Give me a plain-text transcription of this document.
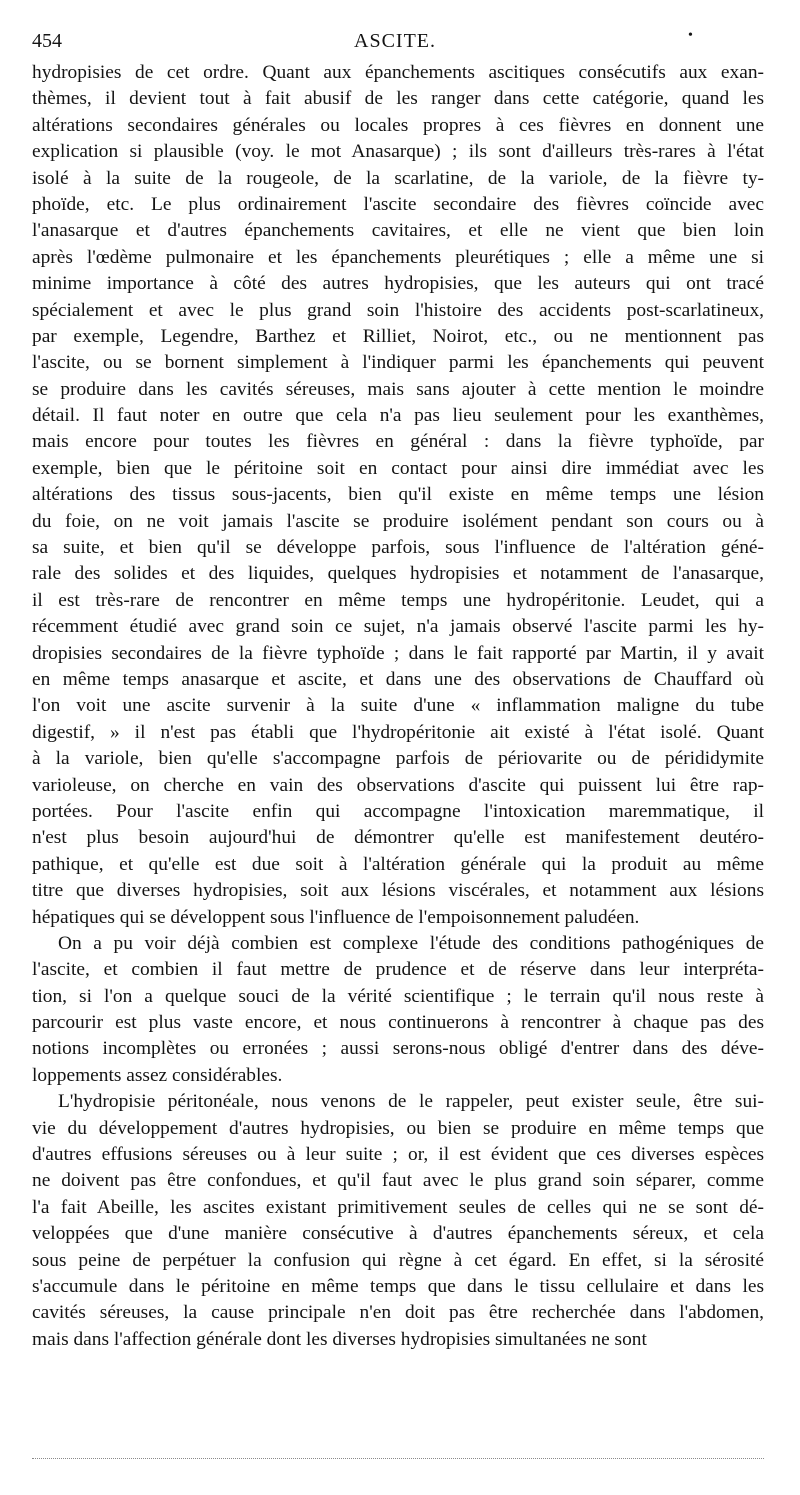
454	ASCITE.	•
hydropisies de cet ordre. Quant aux épanchements ascitiques consécutifs aux exan-
thèmes, il devient tout à fait abusif de les ranger dans cette catégorie, quand les
altérations secondaires générales ou locales propres à ces fièvres en donnent une
explication si plausible (voy. le mot Anasarque) ; ils sont d'ailleurs très-rares à l'état
isolé à la suite de la rougeole, de la scarlatine, de la variole, de la fièvre ty-
phoïde, etc. Le plus ordinairement l'ascite secondaire des fièvres coïncide avec
l'anasarque et d'autres épanchements cavitaires, et elle ne vient que bien loin
après l'œdème pulmonaire et les épanchements pleurétiques ; elle a même une si
minime importance à côté des autres hydropisies, que les auteurs qui ont tracé
spécialement et avec le plus grand soin l'histoire des accidents post-scarlatineux,
par exemple, Legendre, Barthez et Rilliet, Noirot, etc., ou ne mentionnent pas
l'ascite, ou se bornent simplement à l'indiquer parmi les épanchements qui peuvent
se produire dans les cavités séreuses, mais sans ajouter à cette mention le moindre
détail. Il faut noter en outre que cela n'a pas lieu seulement pour les exanthèmes,
mais encore pour toutes les fièvres en général : dans la fièvre typhoïde, par
exemple, bien que le péritoine soit en contact pour ainsi dire immédiat avec les
altérations des tissus sous-jacents, bien qu'il existe en même temps une lésion
du foie, on ne voit jamais l'ascite se produire isolément pendant son cours ou à
sa suite, et bien qu'il se développe parfois, sous l'influence de l'altération géné-
rale des solides et des liquides, quelques hydropisies et notamment de l'anasarque,
il est très-rare de rencontrer en même temps une hydropéritonie. Leudet, qui a
récemment étudié avec grand soin ce sujet, n'a jamais observé l'ascite parmi les hy-
dropisies secondaires de la fièvre typhoïde ; dans le fait rapporté par Martin, il y avait
en même temps anasarque et ascite, et dans une des observations de Chauffard où
l'on voit une ascite survenir à la suite d'une « inflammation maligne du tube
digestif, » il n'est pas établi que l'hydropéritonie ait existé à l'état isolé. Quant
à la variole, bien qu'elle s'accompagne parfois de périovarite ou de pérididymite
varioleuse, on cherche en vain des observations d'ascite qui puissent lui être rap-
portées. Pour l'ascite enfin qui accompagne l'intoxication maremmatique, il
n'est plus besoin aujourd'hui de démontrer qu'elle est manifestement deutéro-
pathique, et qu'elle est due soit à l'altération générale qui la produit au même
titre que diverses hydropisies, soit aux lésions viscérales, et notamment aux lésions
hépatiques qui se développent sous l'influence de l'empoisonnement paludéen.
On a pu voir déjà combien est complexe l'étude des conditions pathogéniques de
l'ascite, et combien il faut mettre de prudence et de réserve dans leur interpréta-
tion, si l'on a quelque souci de la vérité scientifique ; le terrain qu'il nous reste à
parcourir est plus vaste encore, et nous continuerons à rencontrer à chaque pas des
notions incomplètes ou erronées ; aussi serons-nous obligé d'entrer dans des déve-
loppements assez considérables.
L'hydropisie péritonéale, nous venons de le rappeler, peut exister seule, être sui-
vie du développement d'autres hydropisies, ou bien se produire en même temps que
d'autres effusions séreuses ou à leur suite ; or, il est évident que ces diverses espèces
ne doivent pas être confondues, et qu'il faut avec le plus grand soin séparer, comme
l'a fait Abeille, les ascites existant primitivement seules de celles qui ne se sont dé-
veloppées que d'une manière consécutive à d'autres épanchements séreux, et cela
sous peine de perpétuer la confusion qui règne à cet égard. En effet, si la sérosité
s'accumule dans le péritoine en même temps que dans le tissu cellulaire et dans les
cavités séreuses, la cause principale n'en doit pas être recherchée dans l'abdomen,
mais dans l'affection générale dont les diverses hydropisies simultanées ne sont
